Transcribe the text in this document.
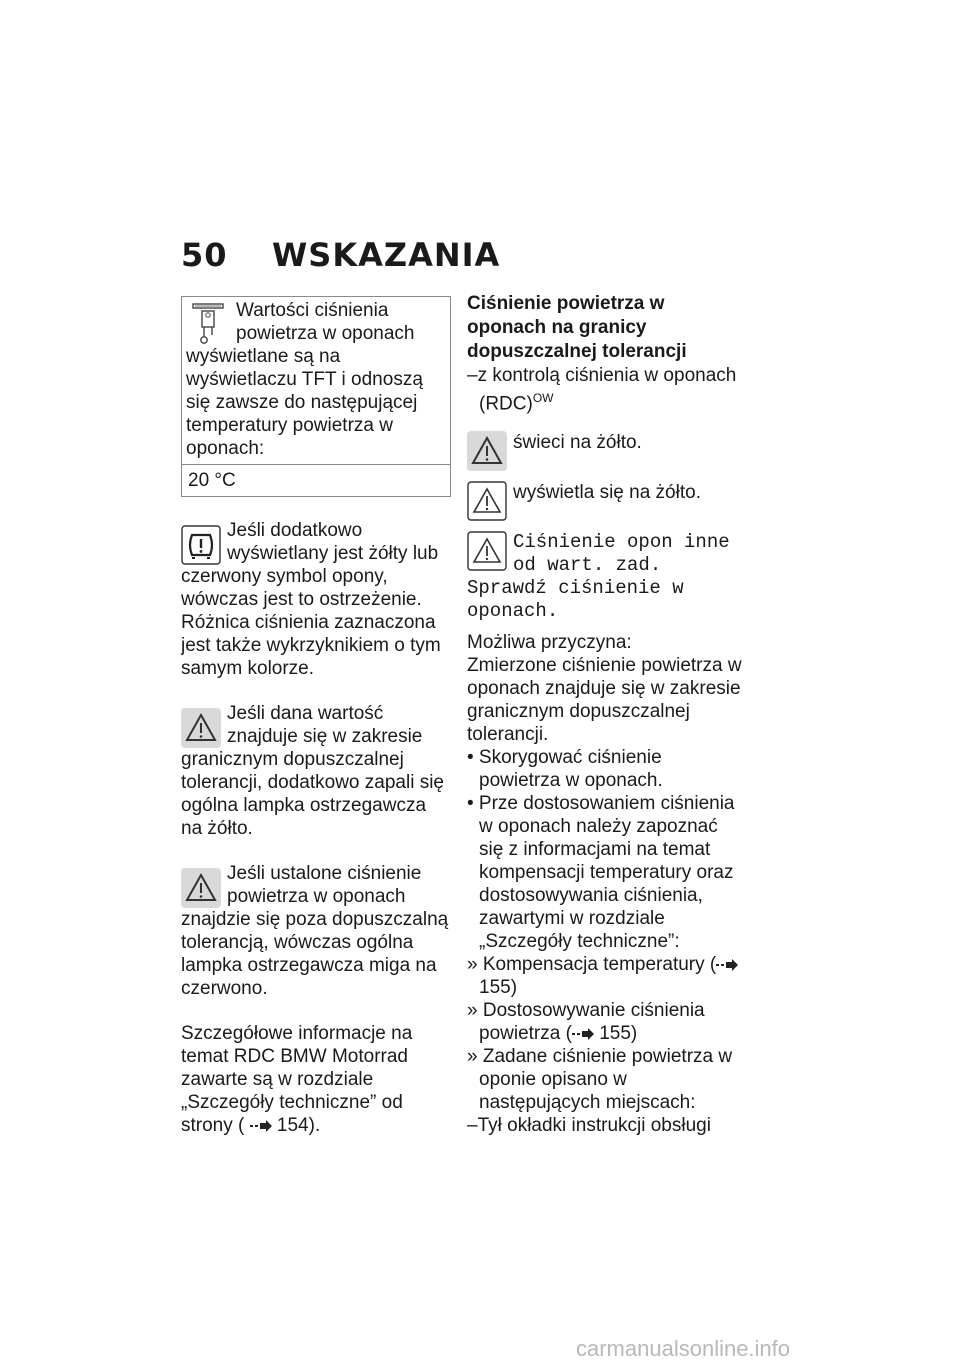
50 WSKAZANIA

Wartości ciśnienia powietrza w oponach wyświetlane są na wyświetlaczu TFT i odnoszą się zawsze do następującej temperatury powietrza w oponach:

20 °C

Jeśli dodatkowo wyświetlany jest żółty lub czerwony symbol opony, wówczas jest to ostrzeżenie. Różnica ciśnienia zaznaczona jest także wykrzyknikiem o tym samym kolorze.

Jeśli dana wartość znajduje się w zakresie granicznym dopuszczalnej tolerancji, dodatkowo zapali się ogólna lampka ostrzegawcza na żółto.

Jeśli ustalone ciśnienie powietrza w oponach znajdzie się poza dopuszczalną tolerancją, wówczas ogólna lampka ostrzegawcza miga na czerwono.

Szczegółowe informacje na temat RDC BMW Motorrad zawarte są w rozdziale „Szczegóły techniczne” od strony ( 154).

Ciśnienie powietrza w oponach na granicy dopuszczalnej tolerancji

–z kontrolą ciśnienia w oponach (RDC)$^{OW}$

świeci na żółto.

wyświetla się na żółto.

Ciśnienie opon inne od wart. zad. Sprawdź ciśnienie w oponach.

Możliwa przyczyna:

Zmierzone ciśnienie powietrza w oponach znajduje się w zakresie granicznym dopuszczalnej tolerancji.

• Skorygować ciśnienie powietrza w oponach.

• Prze dostosowaniem ciśnienia w oponach należy zapoznać się z informacjami na temat kompensacji temperatury oraz dostosowywania ciśnienia, zawartymi w rozdziale „Szczegóły techniczne”:

» Kompensacja temperatury ( 155)

» Dostosowywanie ciśnienia powietrza ( 155)

» Zadane ciśnienie powietrza w oponie opisano w następujących miejscach:

–Tył okładki instrukcji obsługi

carmanualsonline.info
